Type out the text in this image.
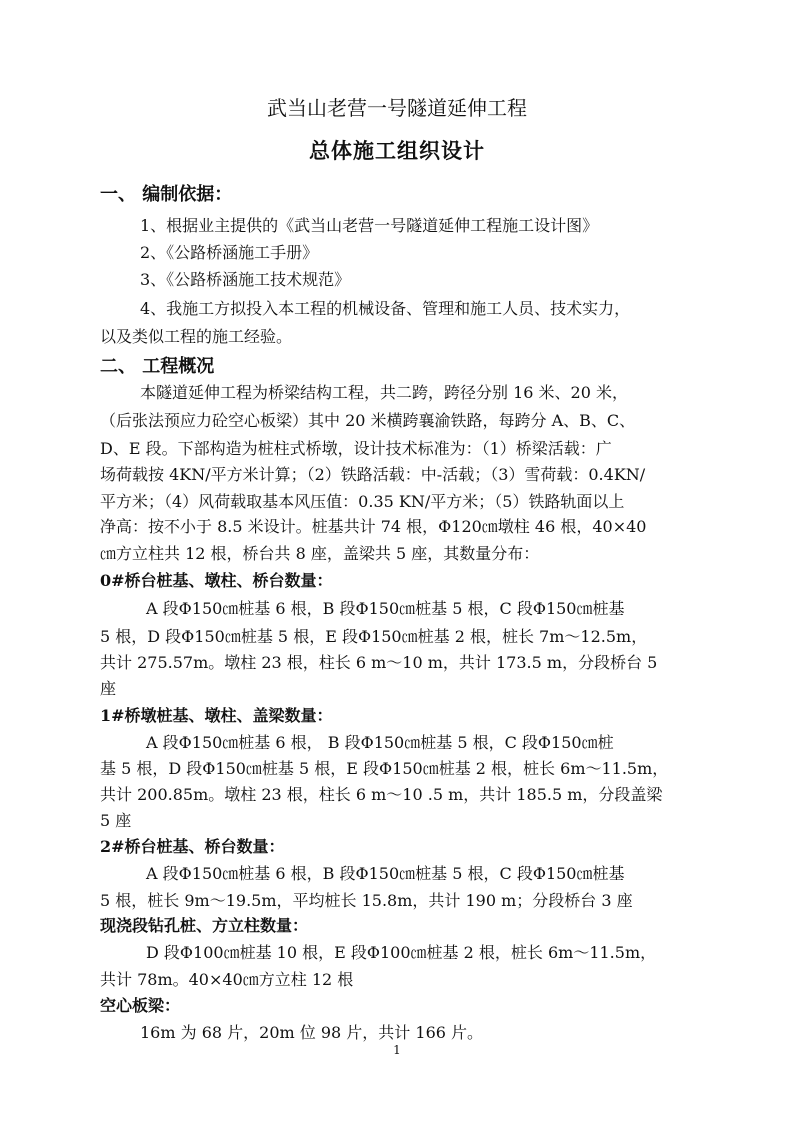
武当山老营一号隧道延伸工程
总体施工组织设计
一、 编制依据：
1、根据业主提供的《武当山老营一号隧道延伸工程施工设计图》
2、《公路桥涵施工手册》
3、《公路桥涵施工技术规范》
4、我施工方拟投入本工程的机械设备、管理和施工人员、技术实力，
以及类似工程的施工经验。
二、 工程概况
本隧道延伸工程为桥梁结构工程，共二跨，跨径分别 16 米、20 米，
（后张法预应力砼空心板梁）其中 20 米横跨襄渝铁路，每跨分 A、B、C、
D、E 段。下部构造为桩柱式桥墩，设计技术标准为：（1）桥梁活载：广
场荷载按 4KN/平方米计算；（2）铁路活载：中-活载；（3）雪荷载：0.4KN/
平方米；（4）风荷载取基本风压值：0.35 KN/平方米；（5）铁路轨面以上
净高：按不小于 8.5 米设计。桩基共计 74 根，Φ120㎝墩柱 46 根，40×40
㎝方立柱共 12 根，桥台共 8 座，盖梁共 5 座，其数量分布：
0#桥台桩基、墩柱、桥台数量：
A 段Φ150㎝桩基 6 根，B 段Φ150㎝桩基 5 根，C 段Φ150㎝桩基
5 根，D 段Φ150㎝桩基 5 根，E 段Φ150㎝桩基 2 根，桩长 7m～12.5m，
共计 275.57m。墩柱 23 根，柱长 6 m～10 m，共计 173.5 m，分段桥台 5
座
1#桥墩桩基、墩柱、盖梁数量：
A 段Φ150㎝桩基 6 根， B 段Φ150㎝桩基 5 根，C 段Φ150㎝桩
基 5 根，D 段Φ150㎝桩基 5 根，E 段Φ150㎝桩基 2 根，桩长 6m～11.5m，
共计 200.85m。墩柱 23 根，柱长 6 m～10 .5 m，共计 185.5 m，分段盖梁
5 座
2#桥台桩基、桥台数量：
A 段Φ150㎝桩基 6 根，B 段Φ150㎝桩基 5 根，C 段Φ150㎝桩基
5 根，桩长 9m～19.5m，平均桩长 15.8m，共计 190 m；分段桥台 3 座
现浇段钻孔桩、方立柱数量：
D 段Φ100㎝桩基 10 根，E 段Φ100㎝桩基 2 根，桩长 6m～11.5m，
共计 78m。40×40㎝方立柱 12 根
空心板梁：
16m 为 68 片，20m 位 98 片，共计 166 片。
1
